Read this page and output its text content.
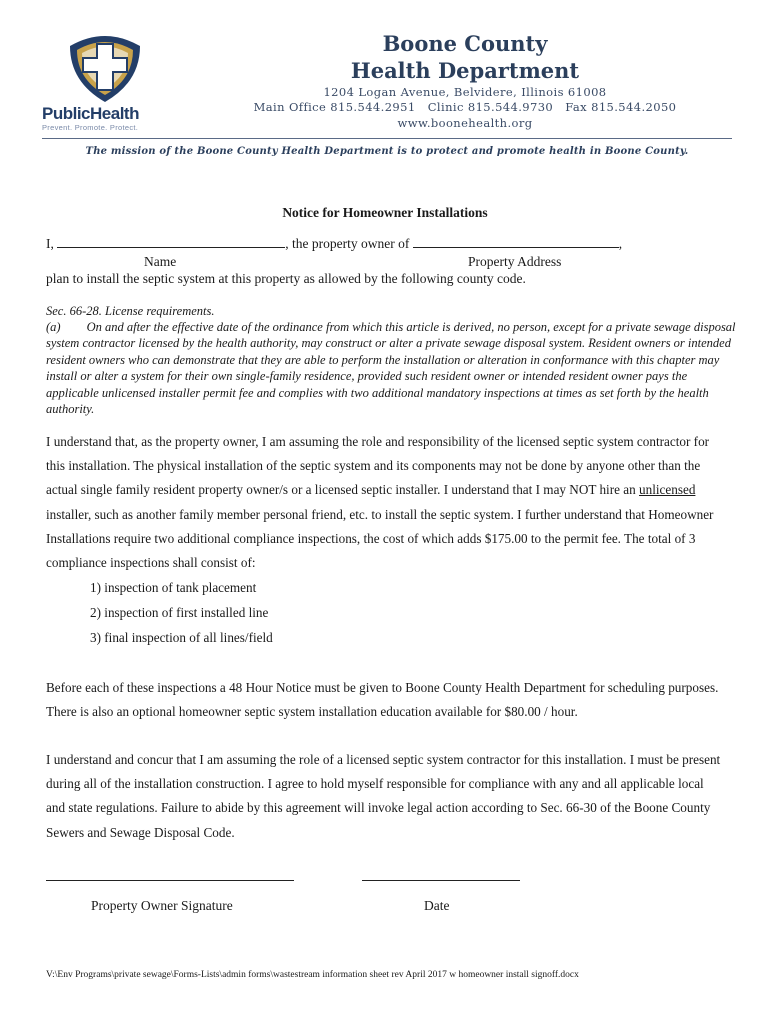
PublicHealth
Prevent. Promote. Protect.
Boone County
Health Department
1204 Logan Avenue, Belvidere, Illinois 61008
Main Office 815.544.2951   Clinic 815.544.9730   Fax 815.544.2050
www.boonehealth.org
The mission of the Boone County Health Department is to protect and promote health in Boone County.
Notice for Homeowner Installations
I,	, the property owner of	,
Name	Property Address
plan to install the septic system at this property as allowed by the following county code.
Sec. 66-28. License requirements.
(a) On and after the effective date of the ordinance from which this article is derived, no person, except for a private sewage disposal system contractor licensed by the health authority, may construct or alter a private sewage disposal system. Resident owners or intended resident owners who can demonstrate that they are able to perform the installation or alteration in conformance with this chapter may install or alter a system for their own single-family residence, provided such resident owner or intended resident owner pays the applicable unlicensed installer permit fee and complies with two additional mandatory inspections at times as set forth by the health authority.
I understand that, as the property owner, I am assuming the role and responsibility of the licensed septic system contractor for this installation. The physical installation of the septic system and its components may not be done by anyone other than the actual single family resident property owner/s or a licensed septic installer. I understand that I may NOT hire an unlicensed installer, such as another family member personal friend, etc. to install the septic system. I further understand that Homeowner Installations require two additional compliance inspections, the cost of which adds $175.00 to the permit fee. The total of 3 compliance inspections shall consist of:
1) inspection of tank placement
2) inspection of first installed line
3) final inspection of all lines/field
Before each of these inspections a 48 Hour Notice must be given to Boone County Health Department for scheduling purposes. There is also an optional homeowner septic system installation education available for $80.00 / hour.
I understand and concur that I am assuming the role of a licensed septic system contractor for this installation. I must be present during all of the installation construction. I agree to hold myself responsible for compliance with any and all applicable local and state regulations. Failure to abide by this agreement will invoke legal action according to Sec. 66-30 of the Boone County Sewers and Sewage Disposal Code.
Property Owner Signature	Date
V:\Env Programs\private sewage\Forms-Lists\admin forms\wastestream information sheet rev April 2017 w homeowner install signoff.docx
